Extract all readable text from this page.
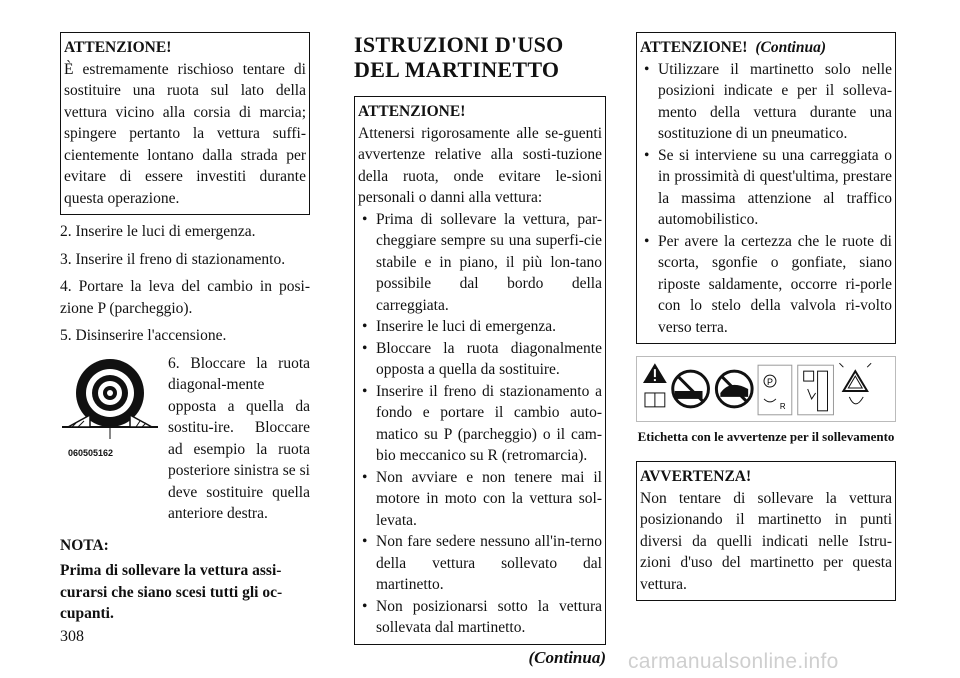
ATTENZIONE!
È estremamente rischioso tentare di sostituire una ruota sul lato della vettura vicino alla corsia di marcia; spingere pertanto la vettura suffi-cientemente lontano dalla strada per evitare di essere investiti durante questa operazione.

2. Inserire le luci di emergenza.

3. Inserire il freno di stazionamento.

4. Portare la leva del cambio in posi-zione P (parcheggio).

5. Disinserire l'accensione.

060505162
6. Bloccare la ruota diagonal-mente opposta a quella da sostitu-ire. Bloccare ad esempio la ruota posteriore sinistra se si deve sostituire quella anteriore destra.
NOTA:
Prima di sollevare la vettura assi-curarsi che siano scesi tutti gli oc-cupanti.
ISTRUZIONI D'USO DEL MARTINETTO

ATTENZIONE!
Attenersi rigorosamente alle se-guenti avvertenze relative alla sosti-tuzione della ruota, onde evitare le-sioni personali o danni alla vettura:

• Prima di sollevare la vettura, par-cheggiare sempre su una superfi-cie stabile e in piano, il più lon-tano possibile dal bordo della carreggiata.
• Inserire le luci di emergenza.
• Bloccare la ruota diagonalmente opposta a quella da sostituire.
• Inserire il freno di stazionamento a fondo e portare il cambio auto-matico su P (parcheggio) o il cam-bio meccanico su R (retromarcia).
• Non avviare e non tenere mai il motore in moto con la vettura sol-levata.
• Non fare sedere nessuno all'in-terno della vettura sollevato dal martinetto.
• Non posizionarsi sotto la vettura sollevata dal martinetto.
(Continua)

ATTENZIONE! (Continua)

• Utilizzare il martinetto solo nelle posizioni indicate e per il solleva-mento della vettura durante una sostituzione di un pneumatico.
• Se si interviene su una carreggiata o in prossimità di quest'ultima, prestare la massima attenzione al traffico automobilistico.
• Per avere la certezza che le ruote di scorta, sgonfie o gonfiate, siano riposte saldamente, occorre ri-porle con lo stelo della valvola ri-volto verso terra.
P
R
Etichetta con le avvertenze per il sollevamento

AVVERTENZA!
Non tentare di sollevare la vettura posizionando il martinetto in punti diversi da quelli indicati nelle Istru-zioni d'uso del martinetto per questa vettura.

308
carmanualsonline.info
